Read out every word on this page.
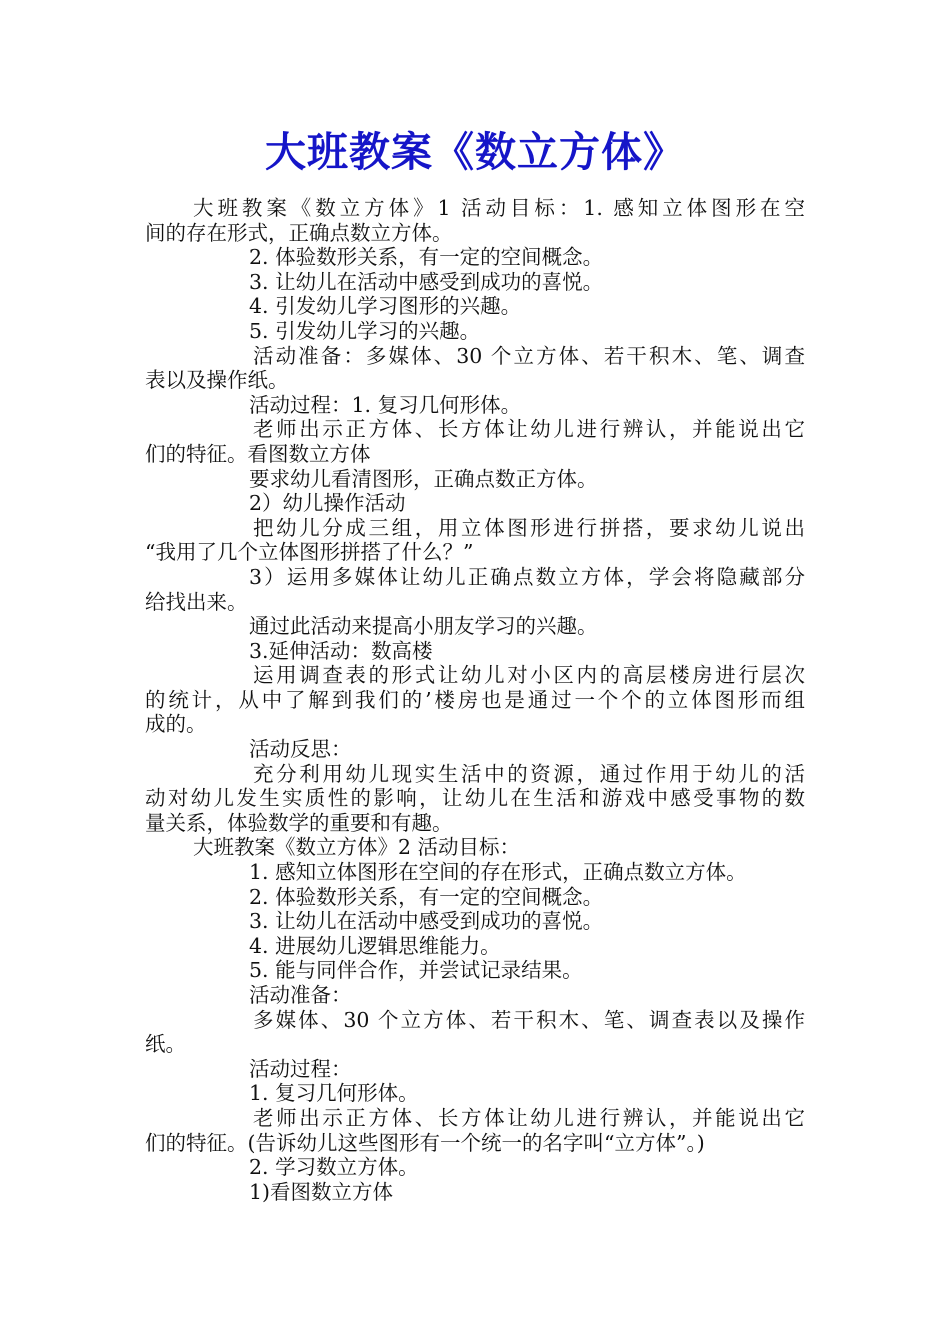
大班教案《数立方体》

大班教案《数立方体》1 活动目标：1. 感知立体图形在空

间的存在形式，正确点数立方体。

2. 体验数形关系，有一定的空间概念。

3. 让幼儿在活动中感受到成功的喜悦。

4. 引发幼儿学习图形的兴趣。

5. 引发幼儿学习的兴趣。

活动准备：多媒体、30 个立方体、若干积木、笔、调查

表以及操作纸。

活动过程：1. 复习几何形体。

老师出示正方体、长方体让幼儿进行辨认，并能说出它

们的特征。看图数立方体

要求幼儿看清图形，正确点数正方体。

2）幼儿操作活动

把幼儿分成三组，用立体图形进行拼搭，要求幼儿说出

“我用了几个立体图形拼搭了什么？”

3）运用多媒体让幼儿正确点数立方体，学会将隐藏部分

给找出来。

通过此活动来提高小朋友学习的兴趣。

3.延伸活动：数高楼

运用调查表的形式让幼儿对小区内的高层楼房进行层次

的统计，从中了解到我们的’楼房也是通过一个个的立体图形而组

成的。

活动反思：

充分利用幼儿现实生活中的资源，通过作用于幼儿的活

动对幼儿发生实质性的影响，让幼儿在生活和游戏中感受事物的数

量关系，体验数学的重要和有趣。

大班教案《数立方体》2 活动目标：

1. 感知立体图形在空间的存在形式，正确点数立方体。

2. 体验数形关系，有一定的空间概念。

3. 让幼儿在活动中感受到成功的喜悦。

4. 进展幼儿逻辑思维能力。

5. 能与同伴合作，并尝试记录结果。

活动准备：

多媒体、30 个立方体、若干积木、笔、调查表以及操作

纸。

活动过程：

1. 复习几何形体。

老师出示正方体、长方体让幼儿进行辨认，并能说出它

们的特征。(告诉幼儿这些图形有一个统一的名字叫“立方体”。)

2. 学习数立方体。

1)看图数立方体
